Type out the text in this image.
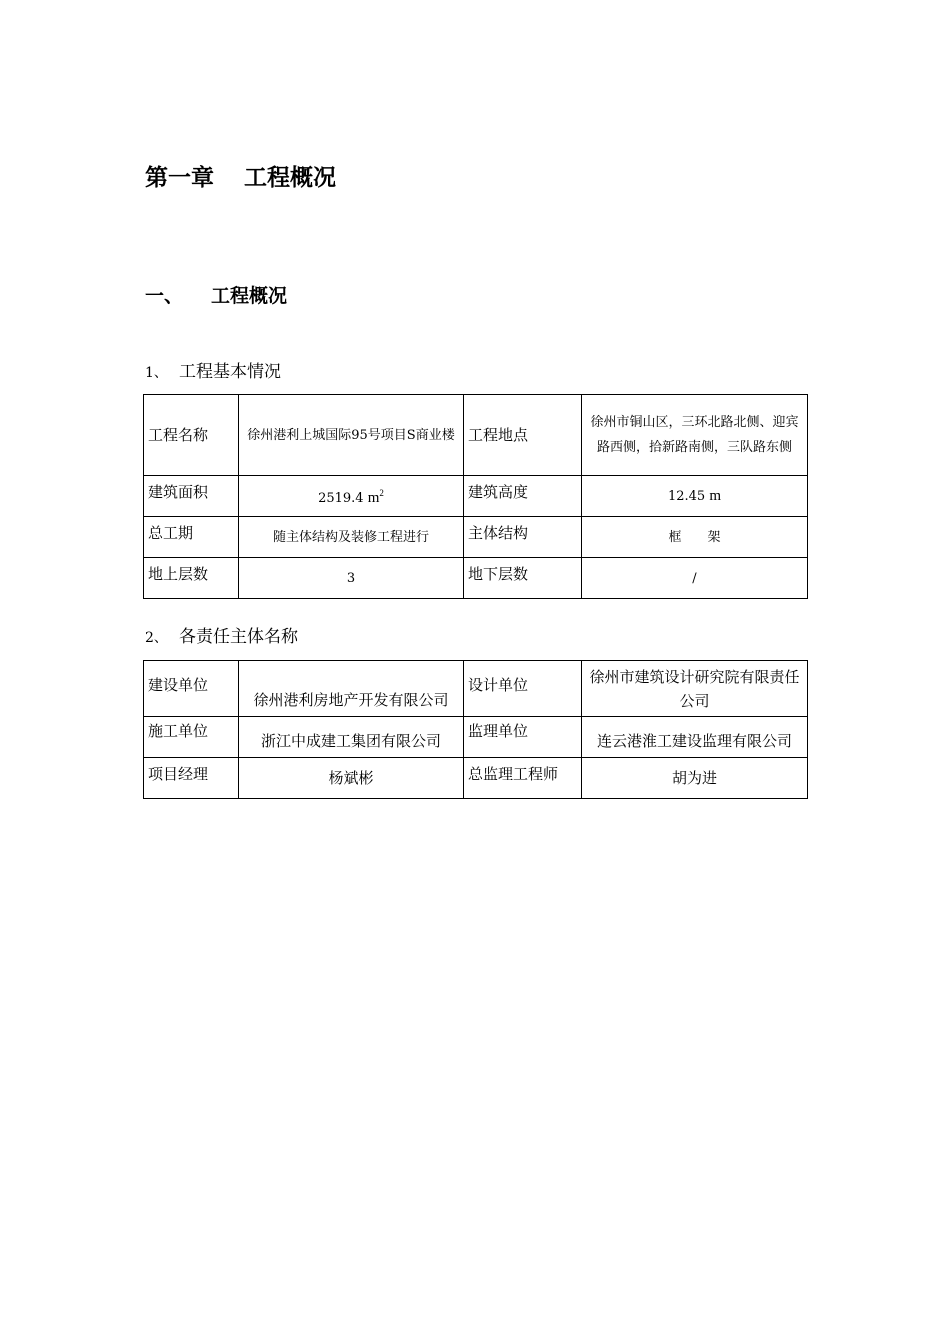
第一章 工程概况
一、 工程概况
1、 工程基本情况
工程名称	徐州港利上城国际95号项目S商业楼	工程地点	徐州市铜山区，三环北路北侧、迎宾路西侧，拾新路南侧，三队路东侧
建筑面积	2519.4 $m^2$	建筑高度	12.45 m
总工期	随主体结构及装修工程进行	主体结构	框　　架
地上层数	3	地下层数	/
2、 各责任主体名称
建设单位	徐州港利房地产开发有限公司	设计单位	徐州市建筑设计研究院有限责任公司
施工单位	浙江中成建工集团有限公司	监理单位	连云港淮工建设监理有限公司
项目经理	杨斌彬	总监理工程师	胡为进
